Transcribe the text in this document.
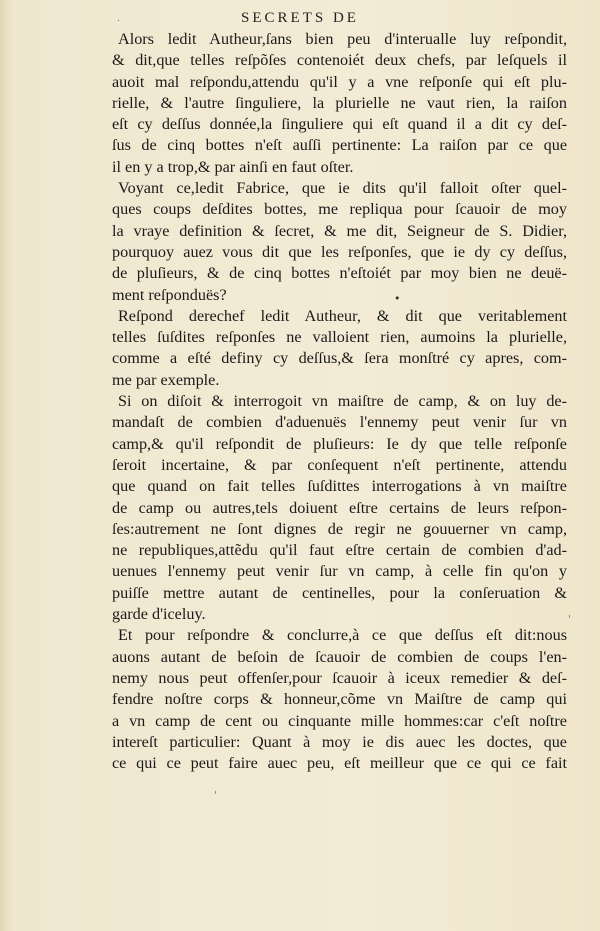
SECRETS DE
·
•
'
'
Alors ledit Autheur,ſans bien peu d'interualle luy reſpondit,
& dit,que telles reſpõſes contenoiét deux chefs, par leſquels il
auoit mal reſpondu,attendu qu'il y a vne reſponſe qui eſt plu-
rielle, & l'autre ſinguliere, la plurielle ne vaut rien, la raiſon
eſt cy deſſus donnée,la ſinguliere qui eſt quand il a dit cy deſ-
ſus de cinq bottes n'eſt auſſi pertinente: La raiſon par ce que
il en y a trop,& par ainſi en faut oſter.
Voyant ce,ledit Fabrice, que ie dits qu'il falloit oſter quel-
ques coups deſdites bottes, me repliqua pour ſcauoir de moy
la vraye definition & ſecret, & me dit, Seigneur de S. Didier,
pourquoy auez vous dit que les reſponſes, que ie dy cy deſſus,
de pluſieurs, & de cinq bottes n'eſtoiét par moy bien ne deuë-
ment reſponduës?
Reſpond derechef ledit Autheur, & dit que veritablement
telles ſuſdites reſponſes ne valloient rien, aumoins la plurielle,
comme a eſté definy cy deſſus,& ſera monſtré cy apres, com-
me par exemple.
Si on diſoit & interrogoit vn maiſtre de camp, & on luy de-
mandaſt de combien d'aduenuës l'ennemy peut venir ſur vn
camp,& qu'il reſpondit de pluſieurs: Ie dy que telle reſponſe
ſeroit incertaine, & par conſequent n'eſt pertinente, attendu
que quand on fait telles ſuſdittes interrogations à vn maiſtre
de camp ou autres,tels doiuent eſtre certains de leurs reſpon-
ſes:autrement ne ſont dignes de regir ne gouuerner vn camp,
ne republiques,attẽdu qu'il faut eſtre certain de combien d'ad-
uenues l'ennemy peut venir ſur vn camp, à celle fin qu'on y
puiſſe mettre autant de centinelles, pour la conſeruation &
garde d'iceluy.
Et pour reſpondre & conclurre,à ce que deſſus eſt dit:nous
auons autant de beſoin de ſcauoir de combien de coups l'en-
nemy nous peut offenſer,pour ſcauoir à iceux remedier & deſ-
fendre noſtre corps & honneur,cõme vn Maiſtre de camp qui
a vn camp de cent ou cinquante mille hommes:car c'eſt noſtre
intereſt particulier: Quant à moy ie dis auec les doctes, que
ce qui ce peut faire auec peu, eſt meilleur que ce qui ce fait
